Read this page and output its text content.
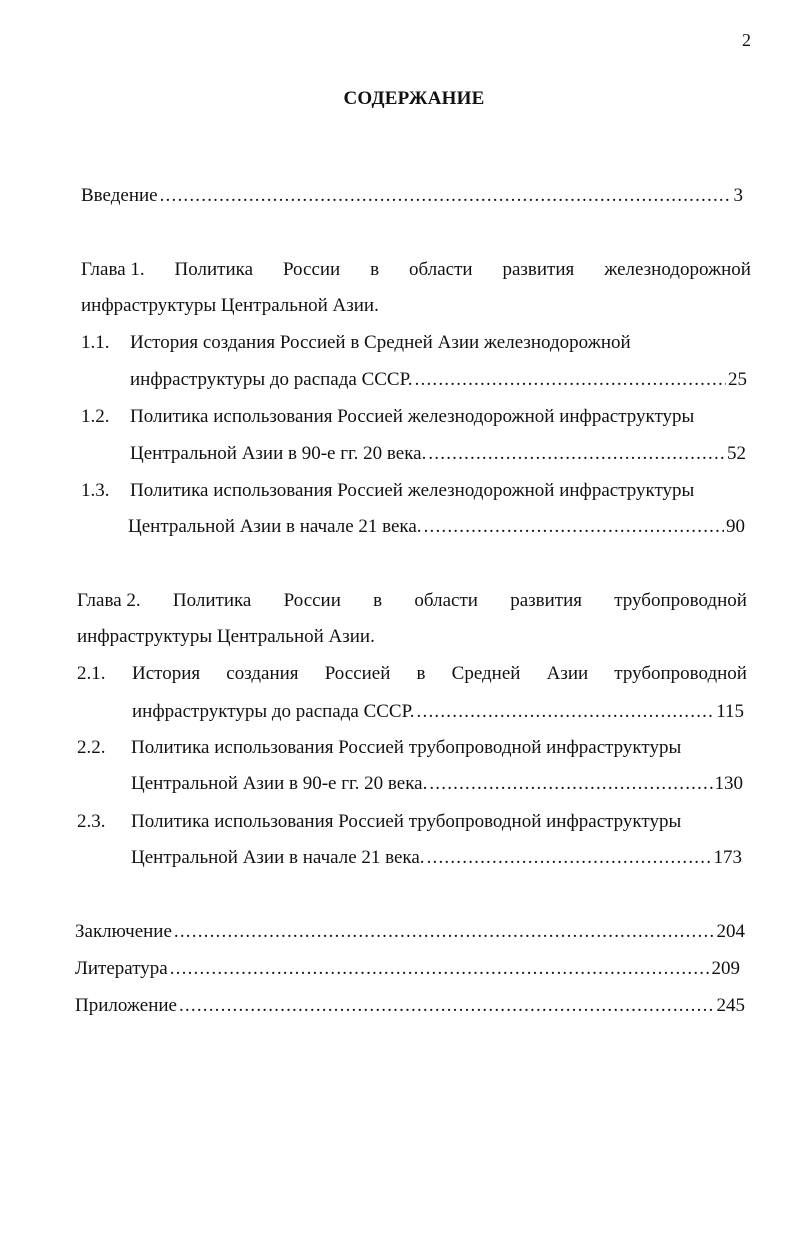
2
СОДЕРЖАНИЕ
Введение .....	3
Глава 1. Политика России в области развития железнодорожной
инфраструктуры Центральной Азии.
1.1. История создания Россией в Средней Азии железнодорожной
инфраструктуры до распада СССР. .....	25
1.2. Политика использования Россией железнодорожной инфраструктуры
Центральной Азии в 90-е гг. 20 века. .....	52
1.3. Политика использования Россией железнодорожной инфраструктуры
Центральной Азии в начале 21 века. .....	90
Глава 2. Политика России в области развития трубопроводной
инфраструктуры Центральной Азии.
2.1. История создания Россией в Средней Азии трубопроводной
инфраструктуры до распада СССР. .....	115
2.2. Политика использования Россией трубопроводной инфраструктуры
Центральной Азии в 90-е гг. 20 века. .....	130
2.3. Политика использования Россией трубопроводной инфраструктуры
Центральной Азии в начале 21 века. .....	173
Заключение .....	204
Литература .....	209
Приложение .....	245
